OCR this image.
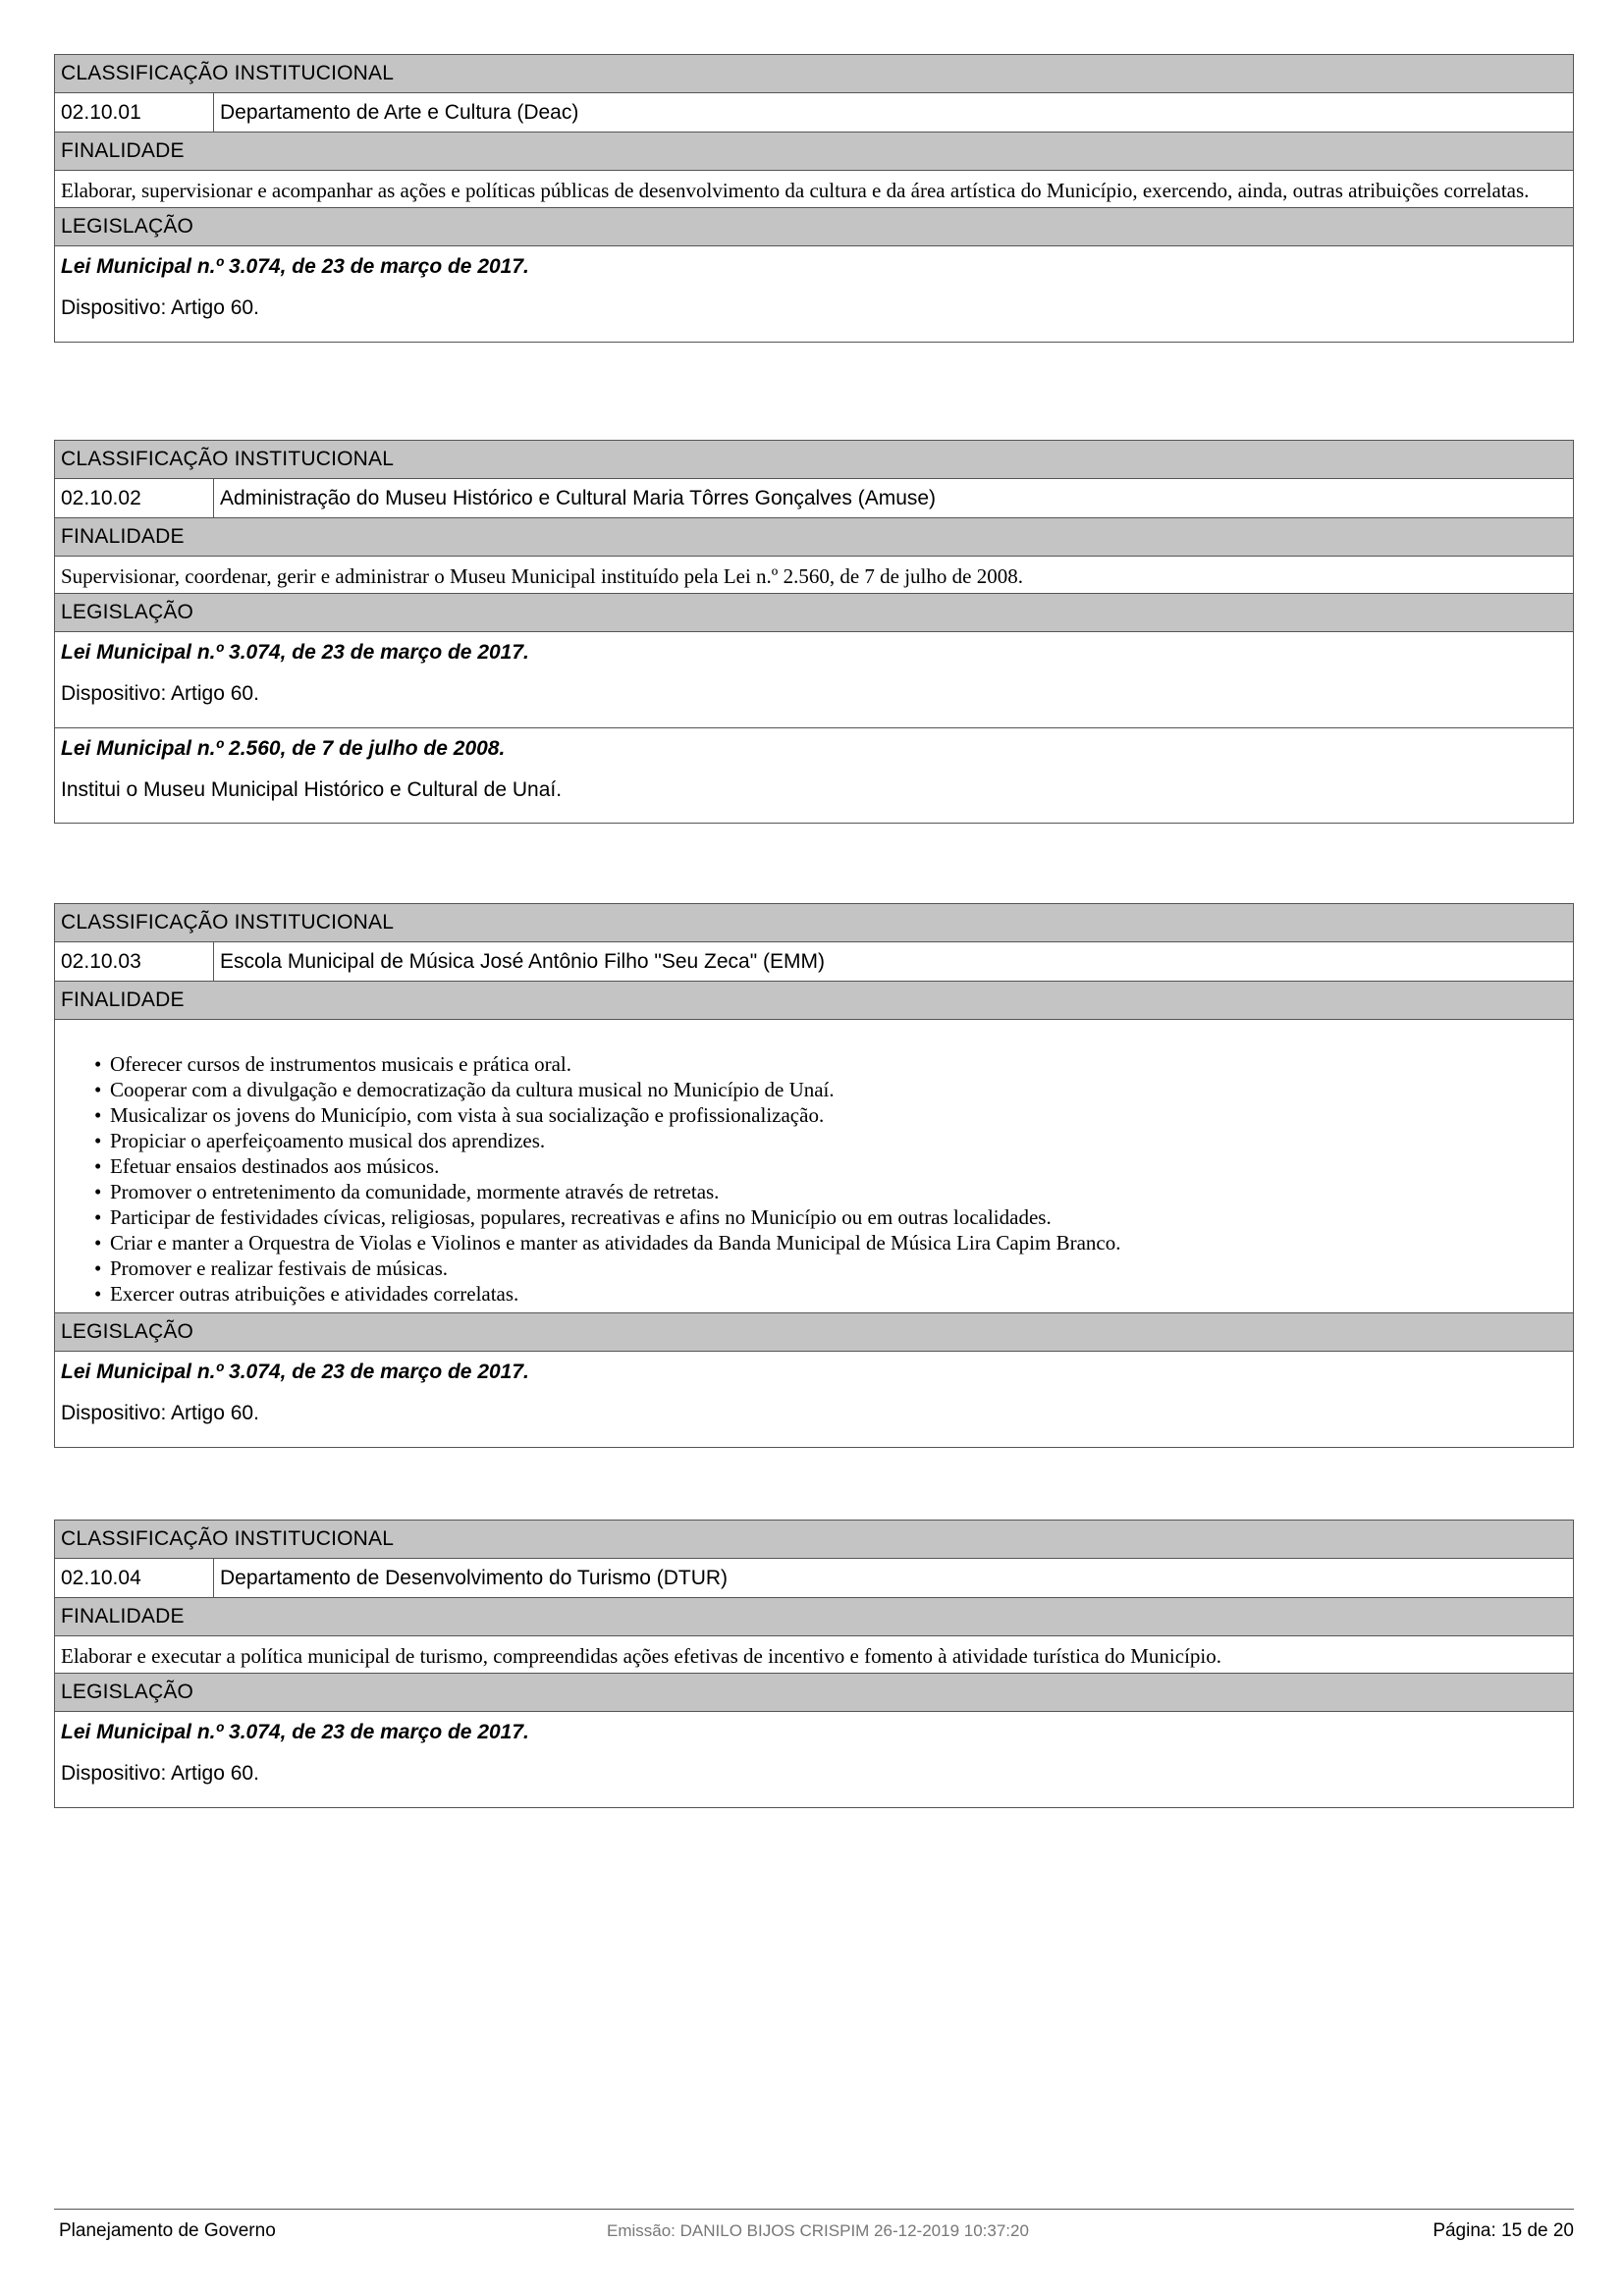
CLASSIFICAÇÃO INSTITUCIONAL
02.10.01	Departamento de Arte e Cultura (Deac)
FINALIDADE
Elaborar, supervisionar e acompanhar as ações e políticas públicas de desenvolvimento da cultura e da área artística do Município, exercendo, ainda, outras atribuições correlatas.
LEGISLAÇÃO
Lei Municipal n.º 3.074, de 23 de março de 2017.
Dispositivo: Artigo 60.
CLASSIFICAÇÃO INSTITUCIONAL
02.10.02	Administração do Museu Histórico e Cultural Maria Tôrres Gonçalves (Amuse)
FINALIDADE
Supervisionar, coordenar, gerir e administrar o Museu Municipal instituído pela Lei n.º 2.560, de 7 de julho de 2008.
LEGISLAÇÃO
Lei Municipal n.º 3.074, de 23 de março de 2017.
Dispositivo: Artigo 60.
Lei Municipal n.º 2.560, de 7 de julho de 2008.
Institui o Museu Municipal Histórico e Cultural de Unaí.
CLASSIFICAÇÃO INSTITUCIONAL
02.10.03	Escola Municipal de Música José Antônio Filho "Seu Zeca" (EMM)
FINALIDADE
• Oferecer cursos de instrumentos musicais e prática oral.
• Cooperar com a divulgação e democratização da cultura musical no Município de Unaí.
• Musicalizar os jovens do Município, com vista à sua socialização e profissionalização.
• Propiciar o aperfeiçoamento musical dos aprendizes.
• Efetuar ensaios destinados aos músicos.
• Promover o entretenimento da comunidade, mormente através de retretas.
• Participar de festividades cívicas, religiosas, populares, recreativas e afins no Município ou em outras localidades.
• Criar e manter a Orquestra de Violas e Violinos e manter as atividades da Banda Municipal de Música Lira Capim Branco.
• Promover e realizar festivais de músicas.
• Exercer outras atribuições e atividades correlatas.
LEGISLAÇÃO
Lei Municipal n.º 3.074, de 23 de março de 2017.
Dispositivo: Artigo 60.
CLASSIFICAÇÃO INSTITUCIONAL
02.10.04	Departamento de Desenvolvimento do Turismo (DTUR)
FINALIDADE
Elaborar e executar a política municipal de turismo, compreendidas ações efetivas de incentivo e fomento à atividade turística do Município.
LEGISLAÇÃO
Lei Municipal n.º 3.074, de 23 de março de 2017.
Dispositivo: Artigo 60.
Planejamento de Governo	Emissão: DANILO BIJOS CRISPIM 26-12-2019 10:37:20	Página: 15 de 20
